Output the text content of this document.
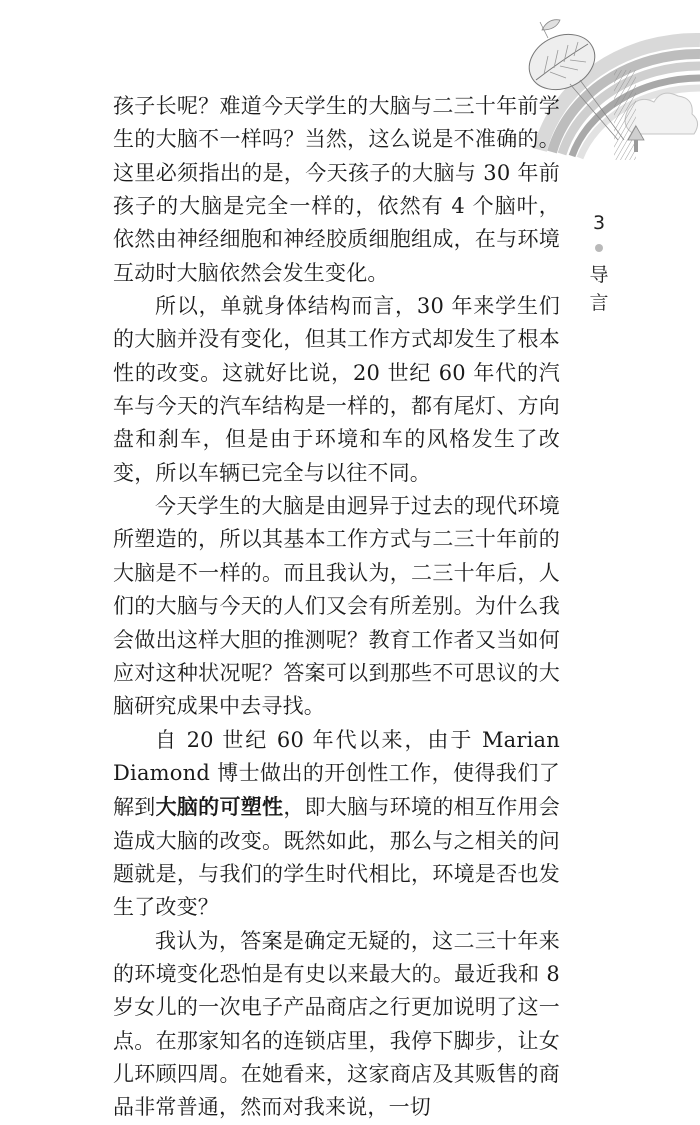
孩子长呢？难道今天学生的大脑与二三十年前学生的大脑不一样吗？当然，这么说是不准确的。这里必须指出的是，今天孩子的大脑与 30 年前孩子的大脑是完全一样的，依然有 4 个脑叶，依然由神经细胞和神经胶质细胞组成，在与环境互动时大脑依然会发生变化。

所以，单就身体结构而言，30 年来学生们的大脑并没有变化，但其工作方式却发生了根本性的改变。这就好比说，20 世纪 60 年代的汽车与今天的汽车结构是一样的，都有尾灯、方向盘和刹车，但是由于环境和车的风格发生了改变，所以车辆已完全与以往不同。

今天学生的大脑是由迥异于过去的现代环境所塑造的，所以其基本工作方式与二三十年前的大脑是不一样的。而且我认为，二三十年后，人们的大脑与今天的人们又会有所差别。为什么我会做出这样大胆的推测呢？教育工作者又当如何应对这种状况呢？答案可以到那些不可思议的大脑研究成果中去寻找。

自 20 世纪 60 年代以来，由于 Marian Diamond 博士做出的开创性工作，使得我们了解到大脑的可塑性，即大脑与环境的相互作用会造成大脑的改变。既然如此，那么与之相关的问题就是，与我们的学生时代相比，环境是否也发生了改变？

我认为，答案是确定无疑的，这二三十年来的环境变化恐怕是有史以来最大的。最近我和 8 岁女儿的一次电子产品商店之行更加说明了这一点。在那家知名的连锁店里，我停下脚步，让女儿环顾四周。在她看来，这家商店及其贩售的商品非常普通，然而对我来说，一切

3
导
言
